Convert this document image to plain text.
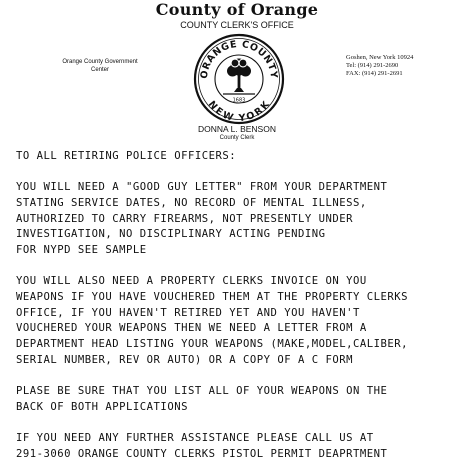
County of Orange
COUNTY CLERK'S OFFICE
Orange County Government
Center	ORANGE COUNTY
NEW YORK
1683
Goshen, New York 10924
Tel: (914) 291-2690
FAX: (914) 291-2691
DONNA L. BENSON
County Clerk
TO ALL RETIRING POLICE OFFICERS:
YOU WILL NEED A "GOOD GUY LETTER" FROM YOUR DEPARTMENT
STATING SERVICE DATES, NO RECORD OF MENTAL ILLNESS,
AUTHORIZED TO CARRY FIREARMS, NOT PRESENTLY UNDER
INVESTIGATION, NO DISCIPLINARY ACTING PENDING
FOR NYPD SEE SAMPLE
YOU WILL ALSO NEED A PROPERTY CLERKS INVOICE ON YOU
WEAPONS IF YOU HAVE VOUCHERED THEM AT THE PROPERTY CLERKS
OFFICE, IF YOU HAVEN'T RETIRED YET AND YOU HAVEN'T
VOUCHERED YOUR WEAPONS THEN WE NEED A LETTER FROM A
DEPARTMENT HEAD LISTING YOUR WEAPONS (MAKE,MODEL,CALIBER,
SERIAL NUMBER, REV OR AUTO) OR A COPY OF A C FORM
PLASE BE SURE THAT YOU LIST ALL OF YOUR WEAPONS ON THE
BACK OF BOTH APPLICATIONS
IF YOU NEED ANY FURTHER ASSISTANCE PLEASE CALL US AT
291-3060 ORANGE COUNTY CLERKS PISTOL PERMIT DEAPRTMENT
